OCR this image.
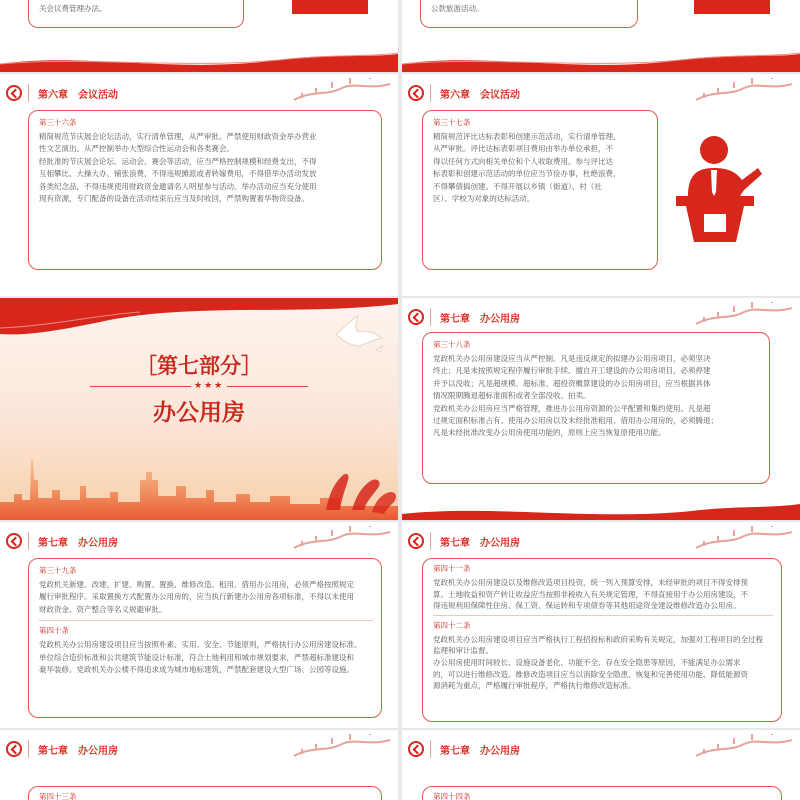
关会议费管理办法。	公款旅游活动。
第六章　会议活动
第三十六条
精简规范节庆展会论坛活动，实行清单管理，从严审批。严禁使用财政资金举办营业
性文艺演出。从严控制举办大型综合性运动会和各类赛会。
经批准的节庆展会论坛、运动会、赛会等活动，应当严格控制规模和经费支出，不得
互相攀比、大操大办、铺张浪费，不得违规摊派或者转嫁费用，不得借举办活动发放
各类纪念品，不得违规使用财政资金邀请名人明星参与活动。举办活动应当充分使用
现有资源，专门配备的设备在活动结束后应当及时收回，严禁购置奢华物资设备。
第六章　会议活动
第三十七条
精简规范评比达标表彰和创建示范活动，实行清单管理，
从严审批。评比达标表彰项目费用由举办单位承担，不
得以任何方式向相关单位和个人收取费用。参与评比达
标表彰和创建示范活动的单位应当节俭办事，杜绝浪费，
不得攀债搞创建。不得开展以乡镇（街道）、村（社
区）、学校为对象的达标活动。
［第七部分］
★★★
办公用房
第七章　办公用房
第三十八条
党政机关办公用房建设应当从严控制。凡是违反规定的拟建办公用房项目，必须坚决
终止；凡是未按照规定程序履行审批手续、擅自开工建设的办公用房项目，必须停建
并予以没收；凡是超规模、超标准、超投资概算建设的办公用房项目，应当根据具体
情况限期腾退超标准面积或者全部没收、拍卖。
党政机关办公用房应当严格管理，推进办公用房资源的公平配置和集约使用。凡是超
过规定面积标准占有、使用办公用房以及未经批准租用、借用办公用房的，必须腾退；
凡是未经批准改变办公用房使用功能的，原则上应当恢复原使用功能。
第七章　办公用房
第三十九条
党政机关新建、改建、扩建、购置、置换、维修改造、租用、借用办公用房，必须严格按照规定
履行审批程序。采取置换方式配置办公用房的，应当执行新建办公用房各项标准，不得以未使用
财政资金、资产整合等名义规避审批。
第四十条
党政机关办公用房建设项目应当按照朴素、实用、安全、节能原则，严格执行办公用房建设标准、
单位综合造价标准和公共建筑节能设计标准，符合土地利用和城市规划要求，严禁超标准建设和
豪华装修。党政机关办公楼不得追求成为城市地标建筑，严禁配套建设大型广场、公园等设施。
第七章　办公用房
第四十一条
党政机关办公用房建设以及维修改造项目投资，统一列入预算安排，未经审批的项目不得安排预
算。土地收益和资产转让收益应当按照非税收入有关规定管理，不得直接用于办公用房建设，不
得违规利用保障性住房、保工资、保运转和专项债券等其他用途资金建设维修改造办公用房。
第四十二条
党政机关办公用房建设项目应当严格执行工程招投标和政府采购有关规定，加强对工程项目的全过程
监理和审计监督。
办公用房使用时间较长、设施设备老化、功能不全、存在安全隐患等原因，不能满足办公需求
的，可以进行维修改造。维修改造项目应当以消除安全隐患、恢复和完善使用功能、降低能源资
源消耗为重点，严格履行审批程序，严格执行维修改造标准。
第七章　办公用房
第四十三条
第七章　办公用房
第四十四条
